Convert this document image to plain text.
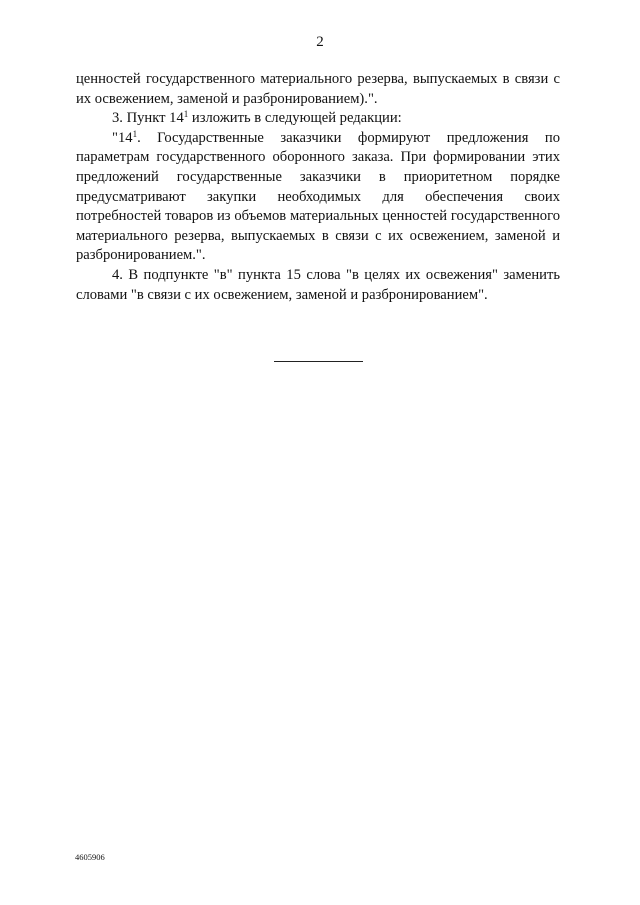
2

ценностей государственного материального резерва, выпускаемых в связи с их освежением, заменой и разбронированием).".

3. Пункт $14^1$ изложить в следующей редакции:

"$14^1$. Государственные заказчики формируют предложения по параметрам государственного оборонного заказа. При формировании этих предложений государственные заказчики в приоритетном порядке предусматривают закупки необходимых для обеспечения своих потребностей товаров из объемов материальных ценностей государственного материального резерва, выпускаемых в связи с их освежением, заменой и разбронированием.".

4. В подпункте "в" пункта 15 слова "в целях их освежения" заменить словами "в связи с их освежением, заменой и разбронированием".

4605906
